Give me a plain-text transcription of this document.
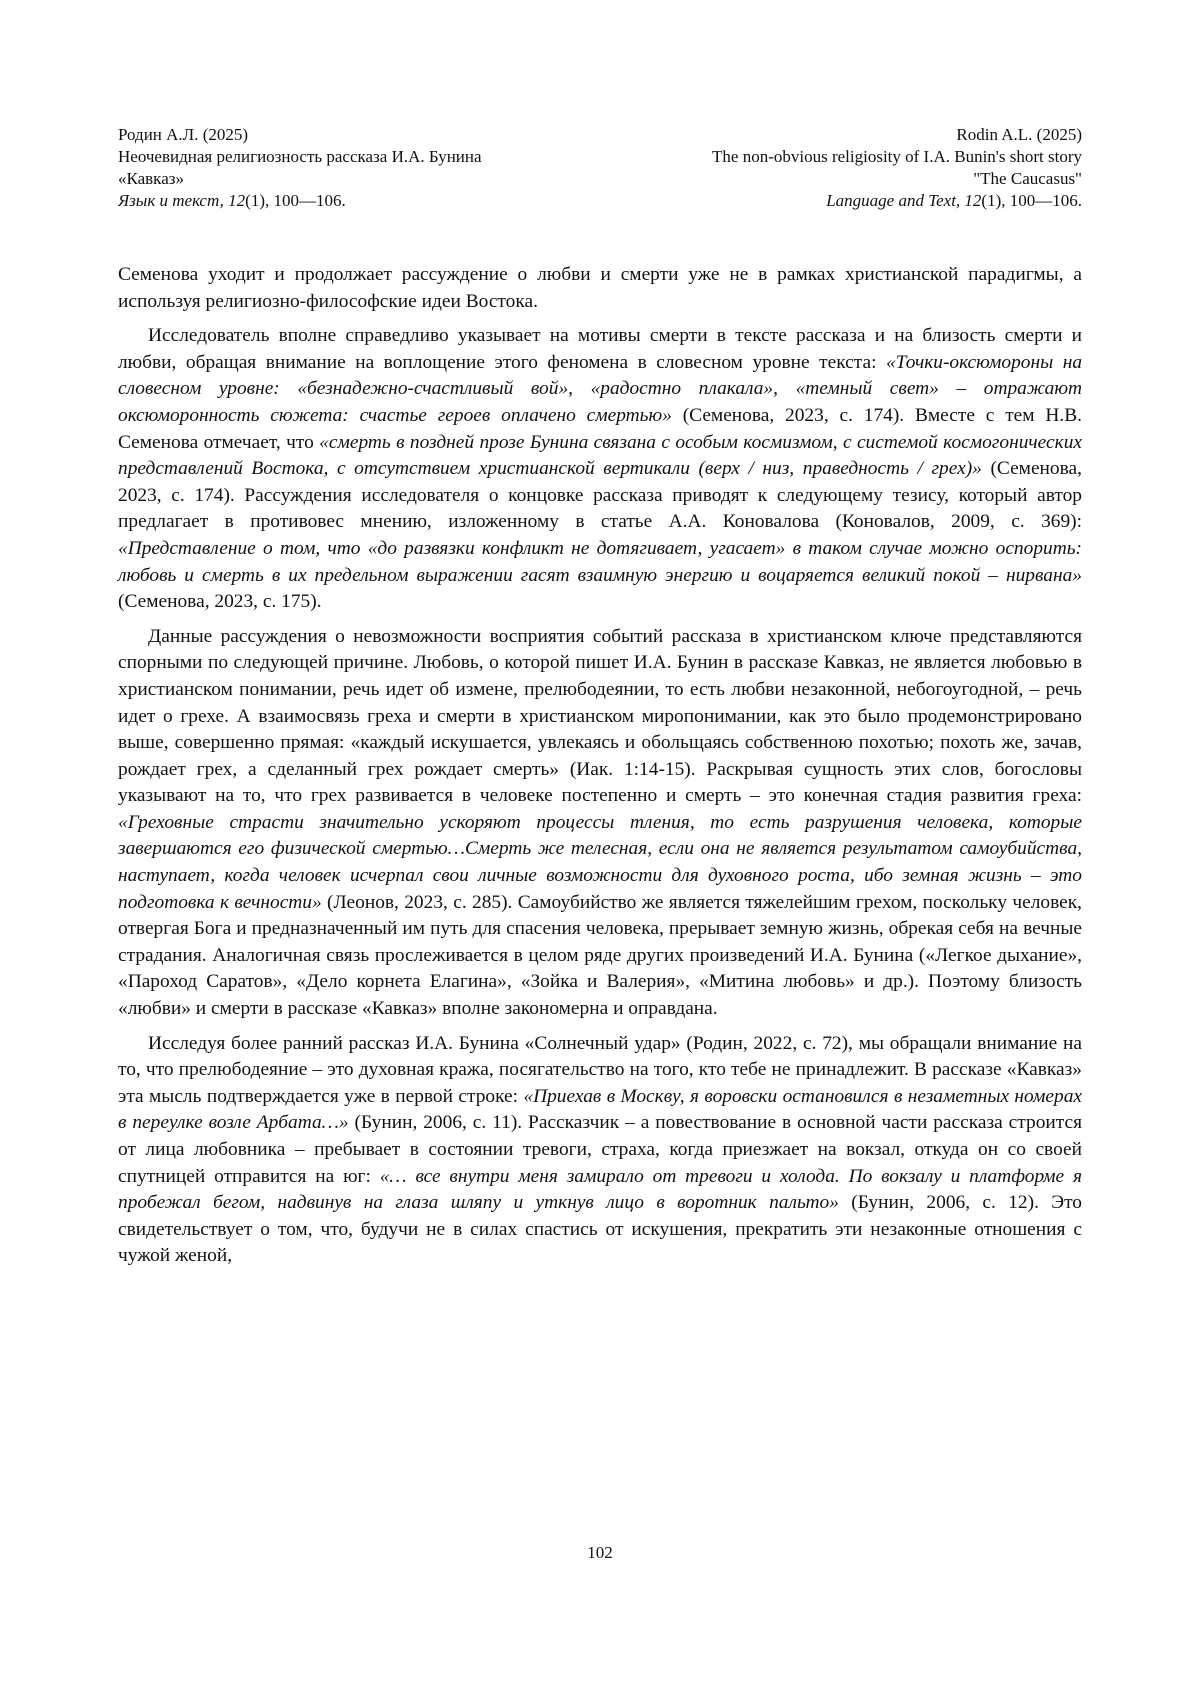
Родин А.Л. (2025)
Неочевидная религиозность рассказа И.А. Бунина
«Кавказ»
Язык и текст, 12(1), 100—106.
Rodin A.L. (2025)
The non-obvious religiosity of I.A. Bunin's short story
"The Caucasus"
Language and Text, 12(1), 100—106.

Семенова уходит и продолжает рассуждение о любви и смерти уже не в рамках христианской парадигмы, а используя религиозно-философские идеи Востока.

Исследователь вполне справедливо указывает на мотивы смерти в тексте рассказа и на близость смерти и любви, обращая внимание на воплощение этого феномена в словесном уровне текста: «Точки-оксюмороны на словесном уровне: «безнадежно-счастливый вой», «радостно плакала», «темный свет» – отражают оксюморонность сюжета: счастье героев оплачено смертью» (Семенова, 2023, с. 174). Вместе с тем Н.В. Семенова отмечает, что «смерть в поздней прозе Бунина связана с особым космизмом, с системой космогонических представлений Востока, с отсутствием христианской вертикали (верх / низ, праведность / грех)» (Семенова, 2023, с. 174). Рассуждения исследователя о концовке рассказа приводят к следующему тезису, который автор предлагает в противовес мнению, изложенному в статье А.А. Коновалова (Коновалов, 2009, с. 369): «Представление о том, что «до развязки конфликт не дотягивает, угасает» в таком случае можно оспорить: любовь и смерть в их предельном выражении гасят взаимную энергию и воцаряется великий покой – нирвана» (Семенова, 2023, с. 175).

Данные рассуждения о невозможности восприятия событий рассказа в христианском ключе представляются спорными по следующей причине. Любовь, о которой пишет И.А. Бунин в рассказе Кавказ, не является любовью в христианском понимании, речь идет об измене, прелюбодеянии, то есть любви незаконной, небогоугодной, – речь идет о грехе. А взаимосвязь греха и смерти в христианском миропонимании, как это было продемонстрировано выше, совершенно прямая: «каждый искушается, увлекаясь и обольщаясь собственною похотью; похоть же, зачав, рождает грех, а сделанный грех рождает смерть» (Иак. 1:14-15). Раскрывая сущность этих слов, богословы указывают на то, что грех развивается в человеке постепенно и смерть – это конечная стадия развития греха: «Греховные страсти значительно ускоряют процессы тления, то есть разрушения человека, которые завершаются его физической смертью…Смерть же телесная, если она не является результатом самоубийства, наступает, когда человек исчерпал свои личные возможности для духовного роста, ибо земная жизнь – это подготовка к вечности» (Леонов, 2023, с. 285). Самоубийство же является тяжелейшим грехом, поскольку человек, отвергая Бога и предназначенный им путь для спасения человека, прерывает земную жизнь, обрекая себя на вечные страдания. Аналогичная связь прослеживается в целом ряде других произведений И.А. Бунина («Легкое дыхание», «Пароход Саратов», «Дело корнета Елагина», «Зойка и Валерия», «Митина любовь» и др.). Поэтому близость «любви» и смерти в рассказе «Кавказ» вполне закономерна и оправдана.

Исследуя более ранний рассказ И.А. Бунина «Солнечный удар» (Родин, 2022, с. 72), мы обращали внимание на то, что прелюбодеяние – это духовная кража, посягательство на того, кто тебе не принадлежит. В рассказе «Кавказ» эта мысль подтверждается уже в первой строке: «Приехав в Москву, я воровски остановился в незаметных номерах в переулке возле Арбата…» (Бунин, 2006, с. 11). Рассказчик – а повествование в основной части рассказа строится от лица любовника – пребывает в состоянии тревоги, страха, когда приезжает на вокзал, откуда он со своей спутницей отправится на юг: «… все внутри меня замирало от тревоги и холода. По вокзалу и платформе я пробежал бегом, надвинув на глаза шляпу и уткнув лицо в воротник пальто» (Бунин, 2006, с. 12). Это свидетельствует о том, что, будучи не в силах спастись от искушения, прекратить эти незаконные отношения с чужой женой,

102
